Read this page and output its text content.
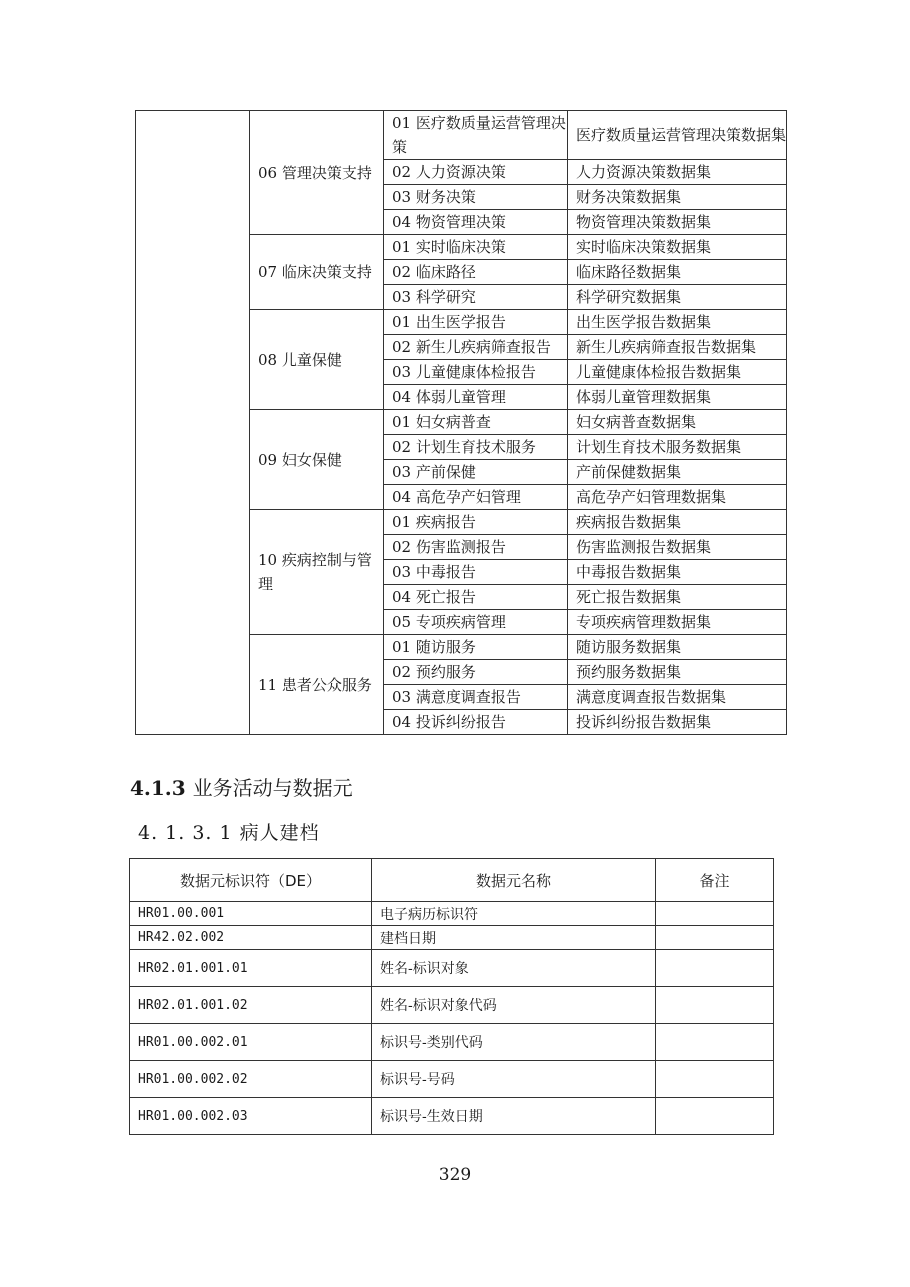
	06 管理决策支持	01 医疗数质量运营管理决策	医疗数质量运营管理决策数据集
		02 人力资源决策	人力资源决策数据集
		03 财务决策	财务决策数据集
		04 物资管理决策	物资管理决策数据集
	07 临床决策支持	01 实时临床决策	实时临床决策数据集
		02 临床路径	临床路径数据集
		03 科学研究	科学研究数据集
	08 儿童保健	01 出生医学报告	出生医学报告数据集
		02 新生儿疾病筛查报告	新生儿疾病筛查报告数据集
		03 儿童健康体检报告	儿童健康体检报告数据集
		04 体弱儿童管理	体弱儿童管理数据集
	09 妇女保健	01 妇女病普查	妇女病普查数据集
		02 计划生育技术服务	计划生育技术服务数据集
		03 产前保健	产前保健数据集
		04 高危孕产妇管理	高危孕产妇管理数据集
	10 疾病控制与管理	01 疾病报告	疾病报告数据集
		02 伤害监测报告	伤害监测报告数据集
		03 中毒报告	中毒报告数据集
		04 死亡报告	死亡报告数据集
		05 专项疾病管理	专项疾病管理数据集
	11 患者公众服务	01 随访服务	随访服务数据集
		02 预约服务	预约服务数据集
		03 满意度调查报告	满意度调查报告数据集
		04 投诉纠纷报告	投诉纠纷报告数据集
4.1.3 业务活动与数据元
4. 1. 3. 1 病人建档
数据元标识符（DE）	数据元名称	备注
HR01.00.001	电子病历标识符	
HR42.02.002	建档日期	
HR02.01.001.01	姓名-标识对象	
HR02.01.001.02	姓名-标识对象代码	
HR01.00.002.01	标识号-类别代码	
HR01.00.002.02	标识号-号码	
HR01.00.002.03	标识号-生效日期	
329
